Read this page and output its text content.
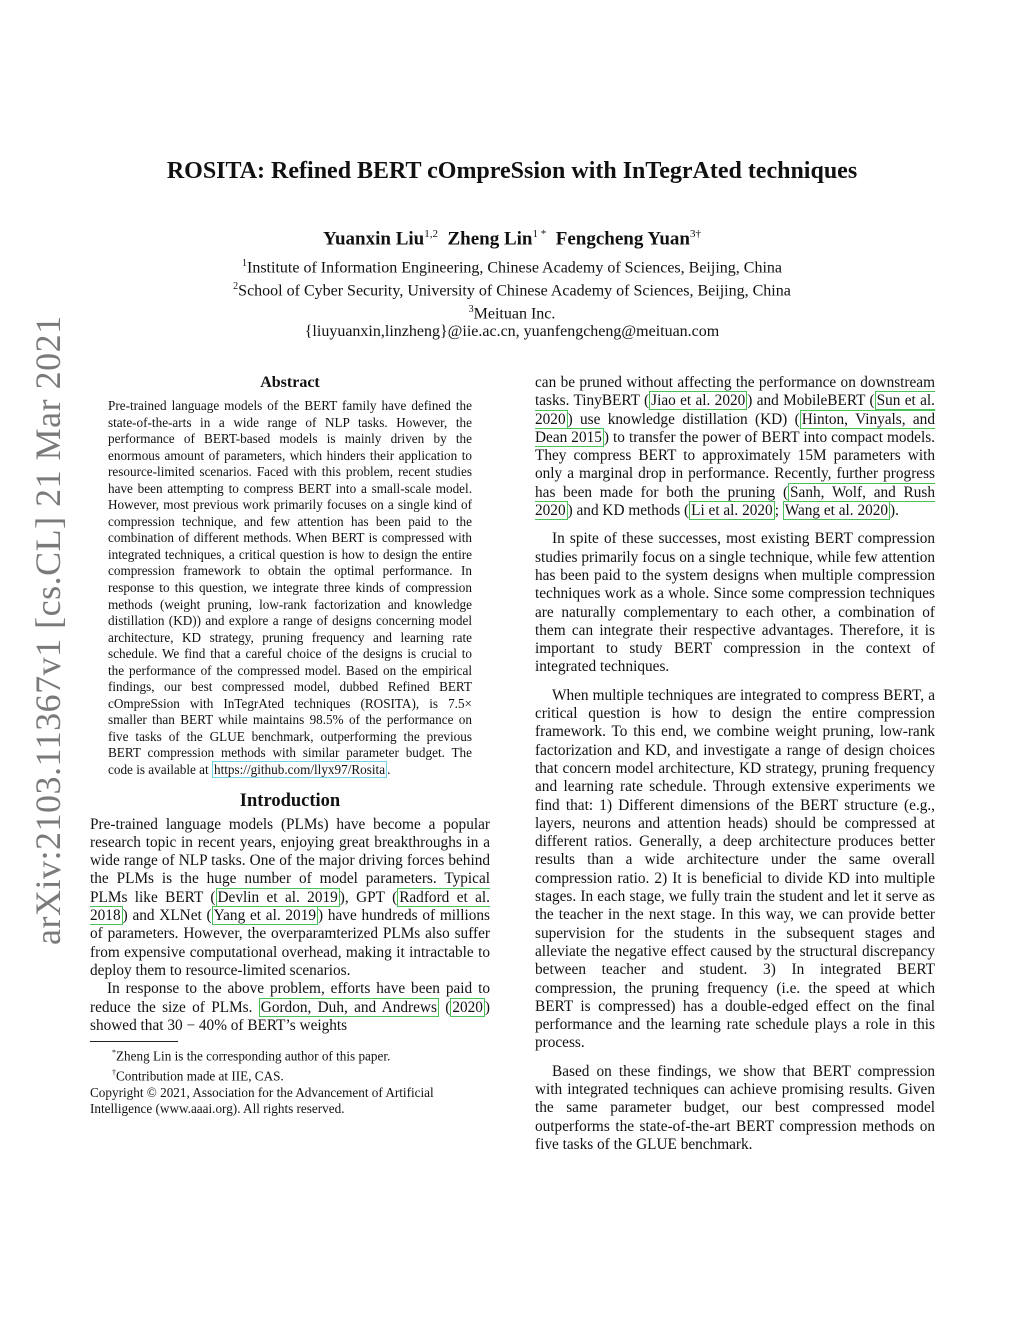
arXiv:2103.11367v1 [cs.CL] 21 Mar 2021
ROSITA: Refined BERT cOmpreSsion with InTegrAted techniques
Yuanxin Liu$^{1,2}$ Zheng Lin$^{1 *}$ Fengcheng Yuan$^{3\dagger}$
$^1$Institute of Information Engineering, Chinese Academy of Sciences, Beijing, China
$^2$School of Cyber Security, University of Chinese Academy of Sciences, Beijing, China
$^3$Meituan Inc.
{liuyuanxin,linzheng}@iie.ac.cn, yuanfengcheng@meituan.com
Abstract

Pre-trained language models of the BERT family have defined the state-of-the-arts in a wide range of NLP tasks. However, the performance of BERT-based models is mainly driven by the enormous amount of parameters, which hinders their application to resource-limited scenarios. Faced with this problem, recent studies have been attempting to compress BERT into a small-scale model. However, most previous work primarily focuses on a single kind of compression technique, and few attention has been paid to the combination of different methods. When BERT is compressed with integrated techniques, a critical question is how to design the entire compression framework to obtain the optimal performance. In response to this question, we integrate three kinds of compression methods (weight pruning, low-rank factorization and knowledge distillation (KD)) and explore a range of designs concerning model architecture, KD strategy, pruning frequency and learning rate schedule. We find that a careful choice of the designs is crucial to the performance of the compressed model. Based on the empirical findings, our best compressed model, dubbed Refined BERT cOmpreSsion with InTegrAted techniques (ROSITA), is 7.5× smaller than BERT while maintains 98.5% of the performance on five tasks of the GLUE benchmark, outperforming the previous BERT compression methods with similar parameter budget. The code is available at https://github.com/llyx97/Rosita .

Introduction

Pre-trained language models (PLMs) have become a popular research topic in recent years, enjoying great breakthroughs in a wide range of NLP tasks. One of the major driving forces behind the PLMs is the huge number of model parameters. Typical PLMs like BERT ( Devlin et al. 2019 ), GPT ( Radford et al. 2018 ) and XLNet ( Yang et al. 2019 ) have hundreds of millions of parameters. However, the overparamterized PLMs also suffer from expensive computational overhead, making it intractable to deploy them to resource-limited scenarios.

In response to the above problem, efforts have been paid to reduce the size of PLMs. Gordon, Duh, and Andrews ( 2020 ) showed that 30 − 40% of BERT’s weights

*Zheng Lin is the corresponding author of this paper.

†Contribution made at IIE, CAS.

Copyright © 2021, Association for the Advancement of Artificial Intelligence (www.aaai.org). All rights reserved.

can be pruned without affecting the performance on downstream tasks. TinyBERT ( Jiao et al. 2020 ) and MobileBERT ( Sun et al. 2020 ) use knowledge distillation (KD) ( Hinton, Vinyals, and Dean 2015 ) to transfer the power of BERT into compact models. They compress BERT to approximately 15M parameters with only a marginal drop in performance. Recently, further progress has been made for both the pruning ( Sanh, Wolf, and Rush 2020 ) and KD methods ( Li et al. 2020 ; Wang et al. 2020 ).

In spite of these successes, most existing BERT compression studies primarily focus on a single technique, while few attention has been paid to the system designs when multiple compression techniques work as a whole. Since some compression techniques are naturally complementary to each other, a combination of them can integrate their respective advantages. Therefore, it is important to study BERT compression in the context of integrated techniques.

When multiple techniques are integrated to compress BERT, a critical question is how to design the entire compression framework. To this end, we combine weight pruning, low-rank factorization and KD, and investigate a range of design choices that concern model architecture, KD strategy, pruning frequency and learning rate schedule. Through extensive experiments we find that: 1) Different dimensions of the BERT structure (e.g., layers, neurons and attention heads) should be compressed at different ratios. Generally, a deep architecture produces better results than a wide architecture under the same overall compression ratio. 2) It is beneficial to divide KD into multiple stages. In each stage, we fully train the student and let it serve as the teacher in the next stage. In this way, we can provide better supervision for the students in the subsequent stages and alleviate the negative effect caused by the structural discrepancy between teacher and student. 3) In integrated BERT compression, the pruning frequency (i.e. the speed at which BERT is compressed) has a double-edged effect on the final performance and the learning rate schedule plays a role in this process.

Based on these findings, we show that BERT compression with integrated techniques can achieve promising results. Given the same parameter budget, our best compressed model outperforms the state-of-the-art BERT compression methods on five tasks of the GLUE benchmark.
